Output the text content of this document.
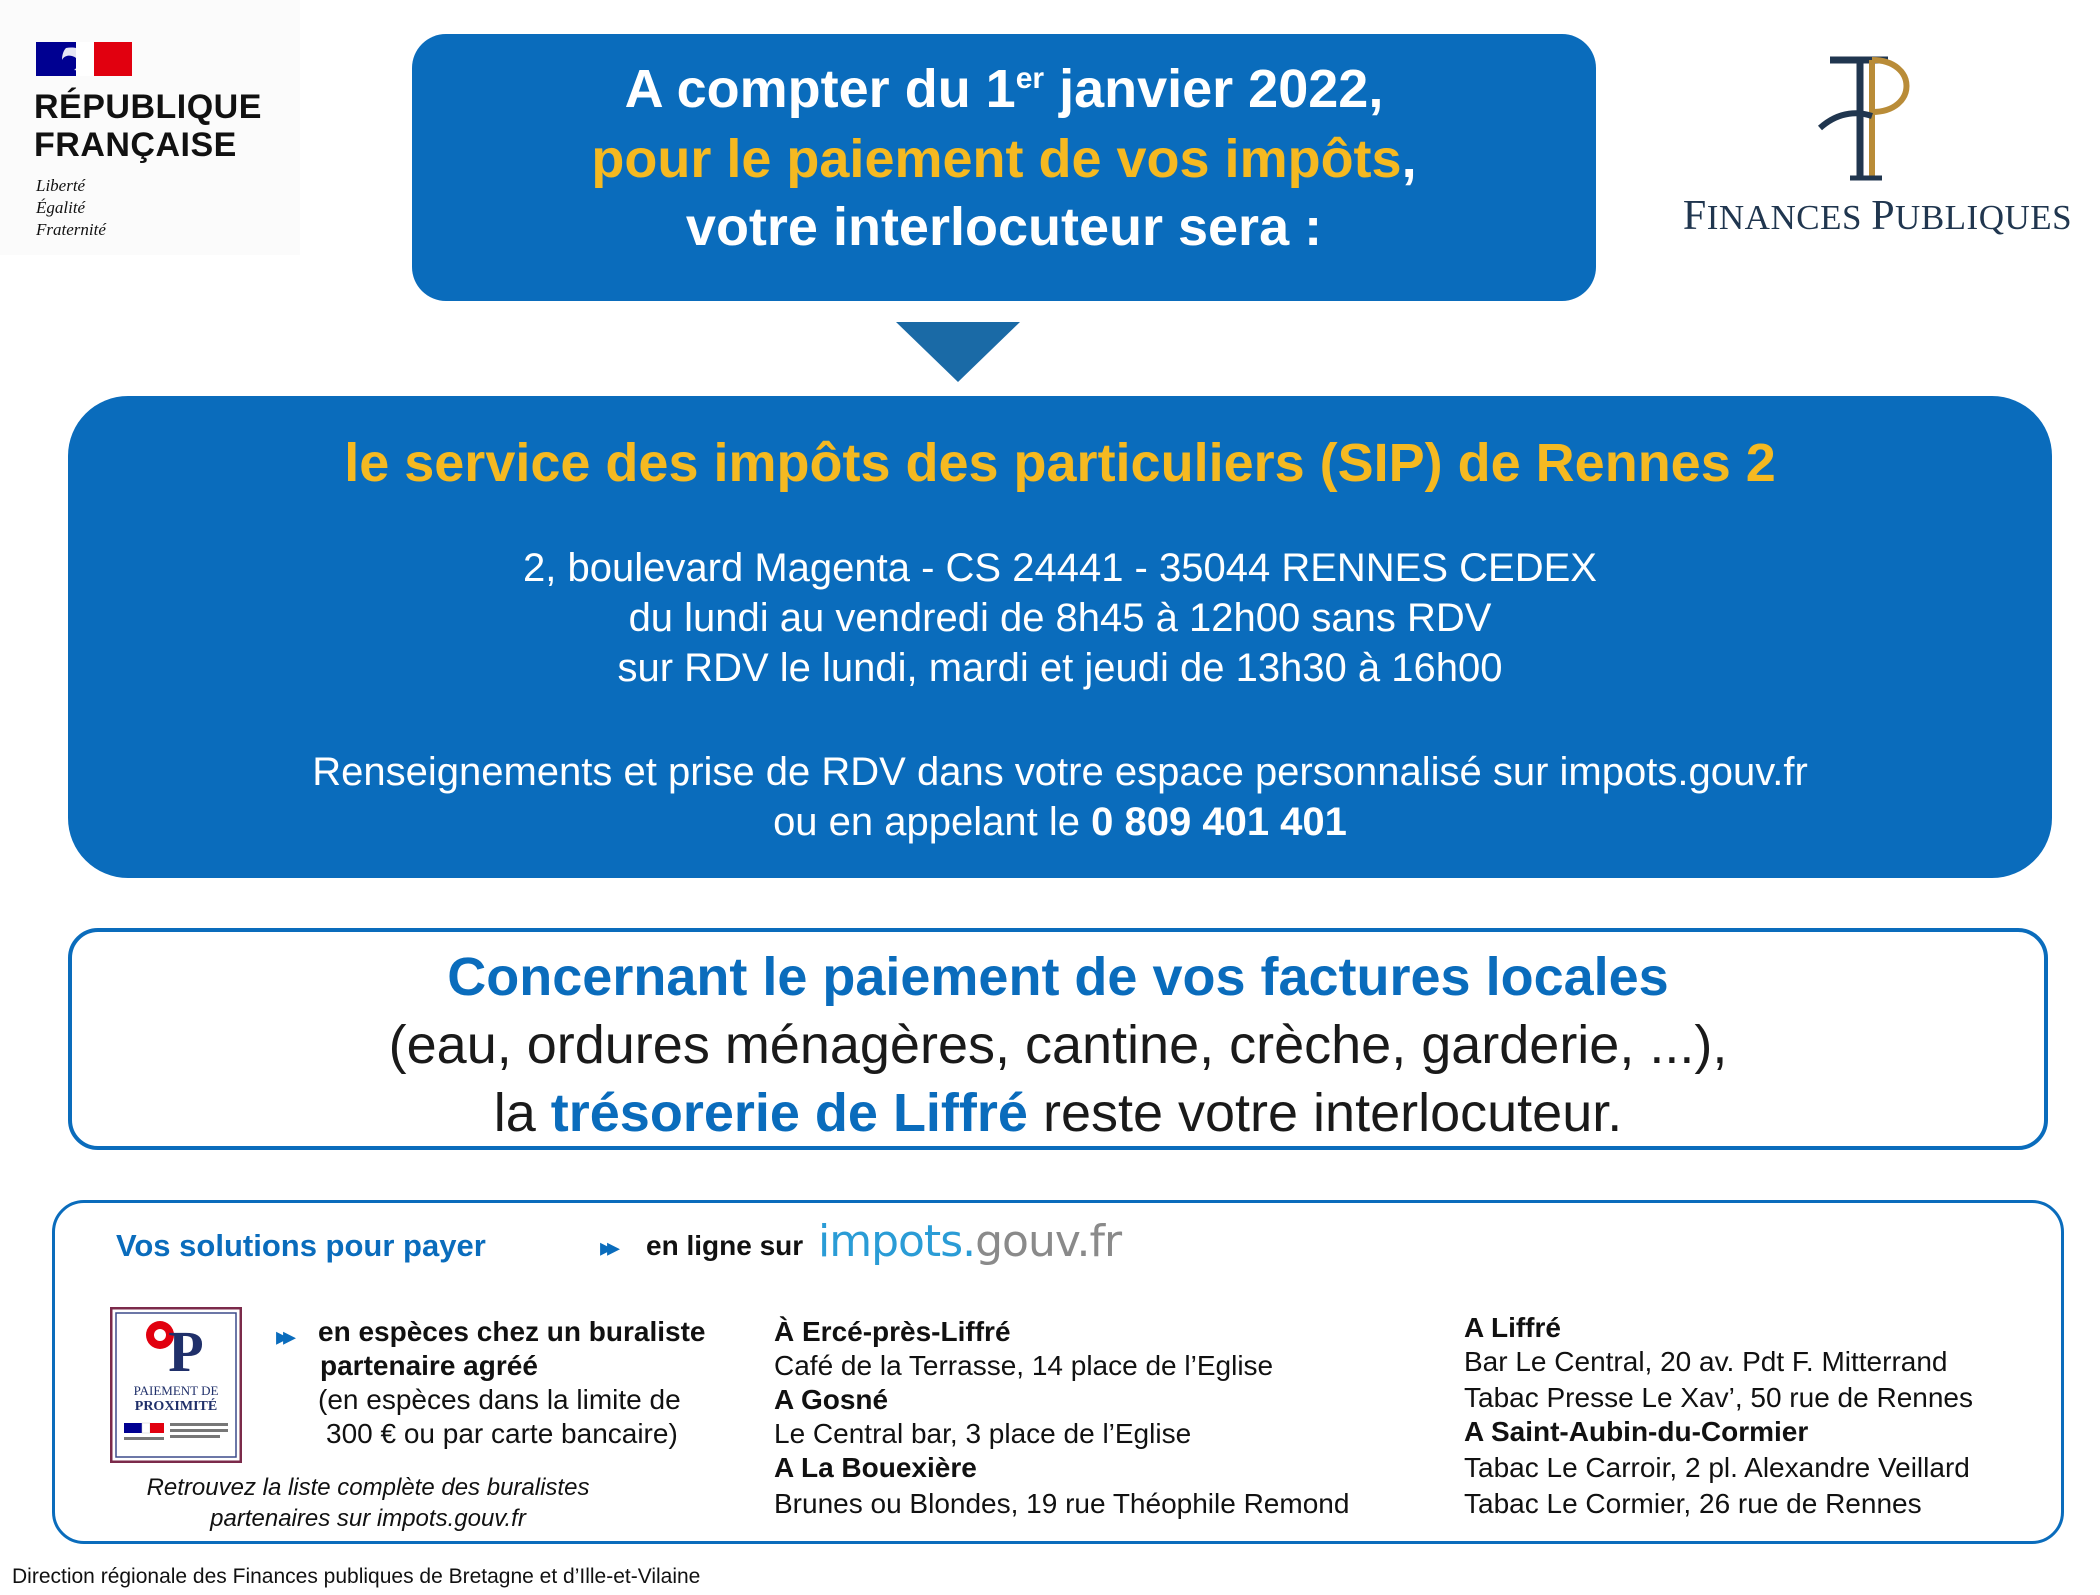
RÉPUBLIQUE
FRANÇAISE
Liberté
Égalité
Fraternité	FINANCES PUBLIQUES
A compter du 1er janvier 2022,
pour le paiement de vos impôts,
votre interlocuteur sera :
le service des impôts des particuliers (SIP) de Rennes 2
2, boulevard Magenta - CS 24441 - 35044 RENNES CEDEX
du lundi au vendredi de 8h45 à 12h00 sans RDV
sur RDV le lundi, mardi et jeudi de 13h30 à 16h00
Renseignements et prise de RDV dans votre espace personnalisé sur impots.gouv.fr
ou en appelant le 0 809 401 401
Concernant le paiement de vos factures locales
(eau, ordures ménagères, cantine, crèche, garderie, ...),
la trésorerie de Liffré reste votre interlocuteur.
Vos solutions pour payer	▸▸ en ligne sur impots.gouv.fr
P
PAIEMENT DE
PROXIMITÉ
▸▸ en espèces chez un buraliste
partenaire agréé
(en espèces dans la limite de
300 € ou par carte bancaire)
Retrouvez la liste complète des buralistes
partenaires sur impots.gouv.fr
À Ercé-près-Liffré
Café de la Terrasse, 14 place de l’Eglise
A Gosné
Le Central bar, 3 place de l’Eglise
A La Bouexière
Brunes ou Blondes, 19 rue Théophile Remond
A Liffré
Bar Le Central, 20 av. Pdt F. Mitterrand
Tabac Presse Le Xav’, 50 rue de Rennes
A Saint-Aubin-du-Cormier
Tabac Le Carroir, 2 pl. Alexandre Veillard
Tabac Le Cormier, 26 rue de Rennes
Direction régionale des Finances publiques de Bretagne et d’Ille-et-Vilaine
